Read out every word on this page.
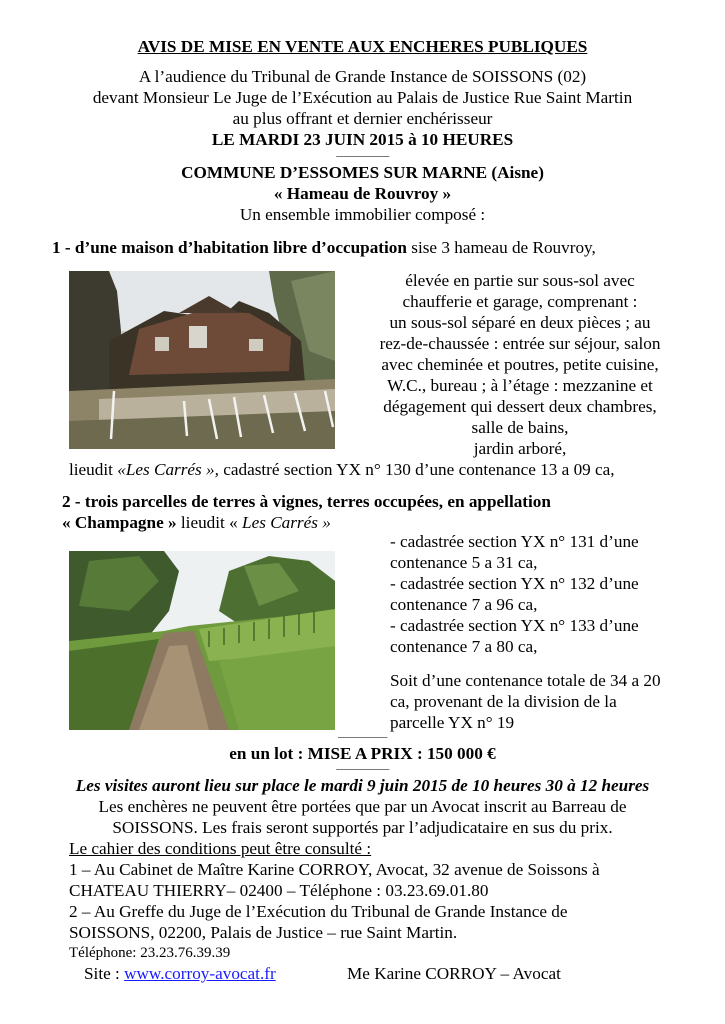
AVIS DE MISE EN VENTE AUX ENCHERES PUBLIQUES
A l’audience du Tribunal de Grande Instance de SOISSONS (02)
devant Monsieur Le Juge de l’Exécution au Palais de Justice Rue Saint Martin
au plus offrant et dernier enchérisseur
LE MARDI 23 JUIN 2015 à 10 HEURES
-----------------------------
COMMUNE D’ESSOMES SUR MARNE (Aisne)
« Hameau de Rouvroy »
Un ensemble immobilier composé :
1 - d’une maison d’habitation libre d’occupation sise 3 hameau de Rouvroy,
élevée en partie sur sous-sol avec
chaufferie et garage, comprenant :
un sous-sol séparé en deux pièces ; au
rez-de-chaussée : entrée sur séjour, salon
avec cheminée et poutres, petite cuisine,
W.C., bureau ; à l’étage : mezzanine et
dégagement qui dessert deux chambres,
salle de bains,
jardin arboré,
lieudit «Les Carrés », cadastré section YX n° 130 d’une contenance 13 a 09 ca,
2 - trois parcelles de terres à vignes, terres occupées, en appellation
« Champagne » lieudit « Les Carrés »
- cadastrée section YX n° 131 d’une
contenance 5 a 31 ca,
- cadastrée section YX n° 132 d’une
contenance 7 a 96 ca,
- cadastrée section YX n° 133 d’une
contenance 7 a 80 ca,
Soit d’une contenance totale de 34 a 20
ca, provenant de la division de la
parcelle YX n° 19
---------------------------
en un lot : MISE A PRIX : 150 000 €
-----------------------------
Les visites auront lieu sur place le mardi 9 juin 2015 de 10 heures 30 à 12 heures
Les enchères ne peuvent être portées que par un Avocat inscrit au Barreau de
SOISSONS. Les frais seront supportés par l’adjudicataire en sus du prix.
Le cahier des conditions peut être consulté :
1 – Au Cabinet de Maître Karine CORROY, Avocat, 32 avenue de Soissons à
CHATEAU THIERRY– 02400 – Téléphone : 03.23.69.01.80
2 – Au Greffe du Juge de l’Exécution du Tribunal de Grande Instance de
SOISSONS, 02200, Palais de Justice – rue Saint Martin.
Téléphone: 23.23.76.39.39
Site : www.corroy-avocat.fr	Me Karine CORROY – Avocat
